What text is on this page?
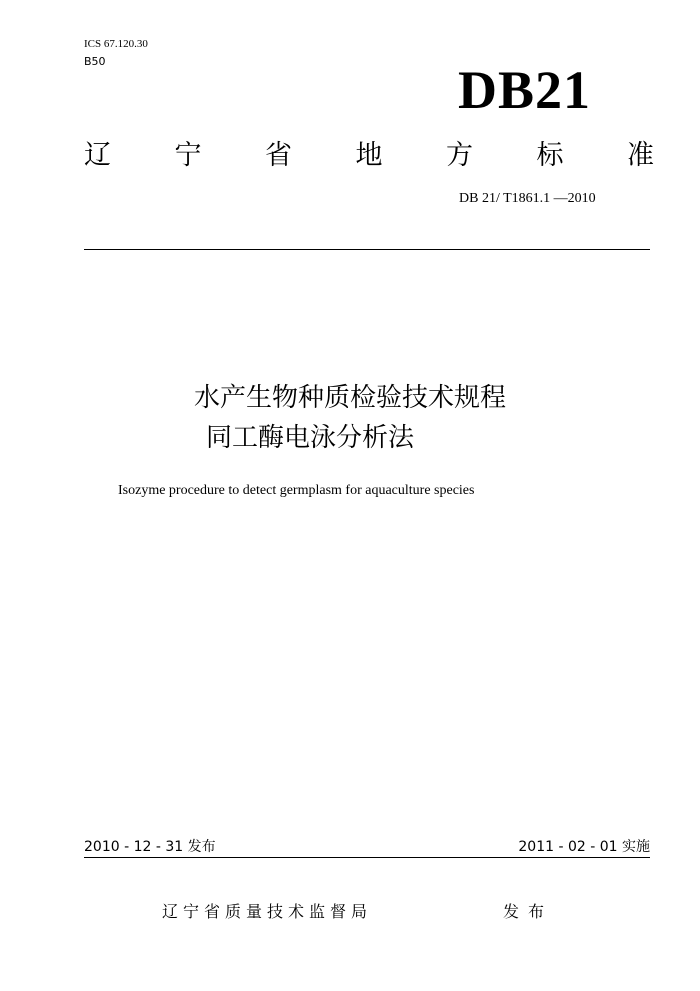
ICS 67.120.30
B50	DB21
辽 宁 省 地 方 标 准
DB 21/ T1861.1 —2010
水产生物种质检验技术规程
同工酶电泳分析法
Isozyme procedure to detect germplasm for aquaculture species
2010 - 12 - 31 发布	2011 - 02 - 01 实施
辽宁省质量技术监督局	发布
